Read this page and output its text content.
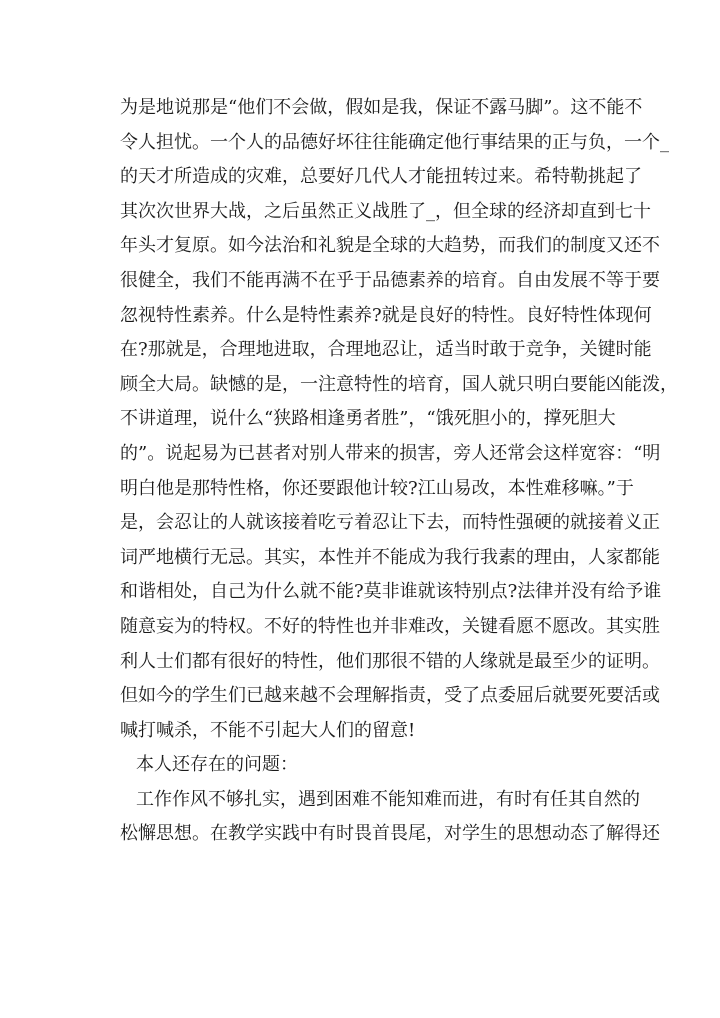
为是地说那是“他们不会做，假如是我，保证不露马脚”。这不能不
令人担忧。一个人的品德好坏往往能确定他行事结果的正与负，一个_
的天才所造成的灾难，总要好几代人才能扭转过来。希特勒挑起了
其次次世界大战，之后虽然正义战胜了_，但全球的经济却直到七十
年头才复原。如今法治和礼貌是全球的大趋势，而我们的制度又还不
很健全，我们不能再满不在乎于品德素养的培育。自由发展不等于要
忽视特性素养。什么是特性素养?就是良好的特性。良好特性体现何
在?那就是，合理地进取，合理地忍让，适当时敢于竞争，关键时能
顾全大局。缺憾的是，一注意特性的培育，国人就只明白要能凶能泼，
不讲道理，说什么“狭路相逢勇者胜”，“饿死胆小的，撑死胆大
的”。说起易为已甚者对别人带来的损害，旁人还常会这样宽容：“明
明白他是那特性格，你还要跟他计较?江山易改，本性难移嘛。”于
是，会忍让的人就该接着吃亏着忍让下去，而特性强硬的就接着义正
词严地横行无忌。其实，本性并不能成为我行我素的理由，人家都能
和谐相处，自己为什么就不能?莫非谁就该特别点?法律并没有给予谁
随意妄为的特权。不好的特性也并非难改，关键看愿不愿改。其实胜
利人士们都有很好的特性，他们那很不错的人缘就是最至少的证明。
但如今的学生们已越来越不会理解指责，受了点委屈后就要死要活或
喊打喊杀，不能不引起大人们的留意!
本人还存在的问题：
工作作风不够扎实，遇到困难不能知难而进，有时有任其自然的
松懈思想。在教学实践中有时畏首畏尾，对学生的思想动态了解得还
